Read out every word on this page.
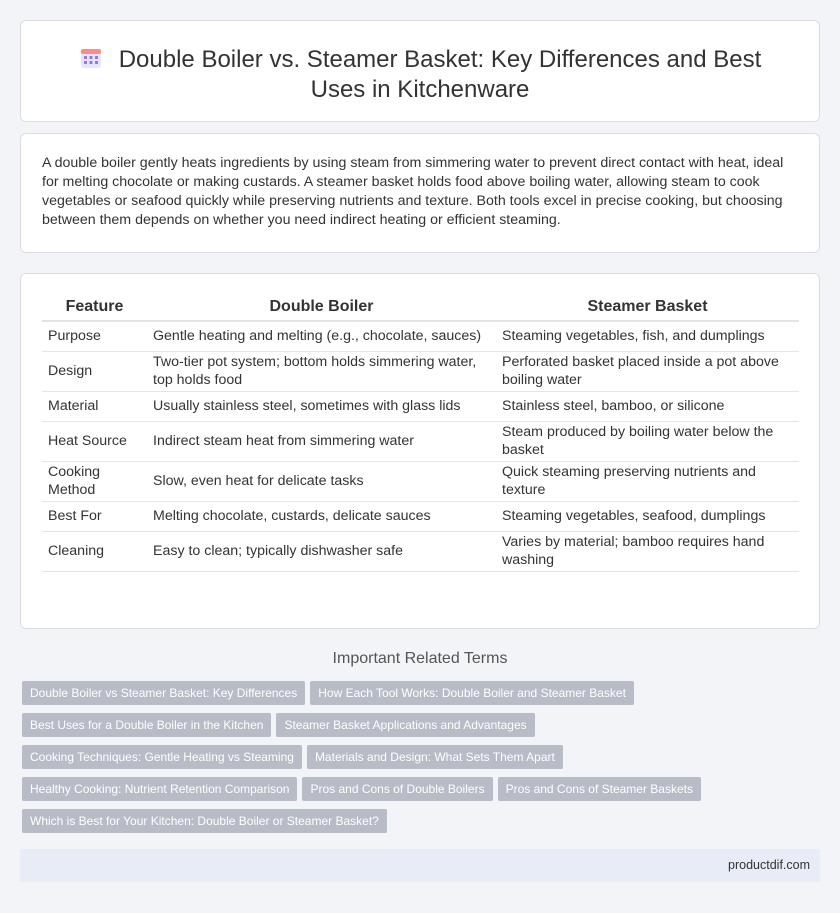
Double Boiler vs. Steamer Basket: Key Differences and Best Uses in Kitchenware

A double boiler gently heats ingredients by using steam from simmering water to prevent direct contact with heat, ideal for melting chocolate or making custards. A steamer basket holds food above boiling water, allowing steam to cook vegetables or seafood quickly while preserving nutrients and texture. Both tools excel in precise cooking, but choosing between them depends on whether you need indirect heating or efficient steaming.

Feature	Double Boiler	Steamer Basket
Purpose	Gentle heating and melting (e.g., chocolate, sauces)	Steaming vegetables, fish, and dumplings
Design	Two-tier pot system; bottom holds simmering water, top holds food	Perforated basket placed inside a pot above boiling water
Material	Usually stainless steel, sometimes with glass lids	Stainless steel, bamboo, or silicone
Heat Source	Indirect steam heat from simmering water	Steam produced by boiling water below the basket
Cooking Method	Slow, even heat for delicate tasks	Quick steaming preserving nutrients and texture
Best For	Melting chocolate, custards, delicate sauces	Steaming vegetables, seafood, dumplings
Cleaning	Easy to clean; typically dishwasher safe	Varies by material; bamboo requires hand washing
Important Related Terms
Double Boiler vs Steamer Basket: Key Differences How Each Tool Works: Double Boiler and Steamer Basket
Best Uses for a Double Boiler in the Kitchen Steamer Basket Applications and Advantages
Cooking Techniques: Gentle Heating vs Steaming Materials and Design: What Sets Them Apart
Healthy Cooking: Nutrient Retention Comparison Pros and Cons of Double Boilers Pros and Cons of Steamer Baskets
Which is Best for Your Kitchen: Double Boiler or Steamer Basket?
productdif.com
